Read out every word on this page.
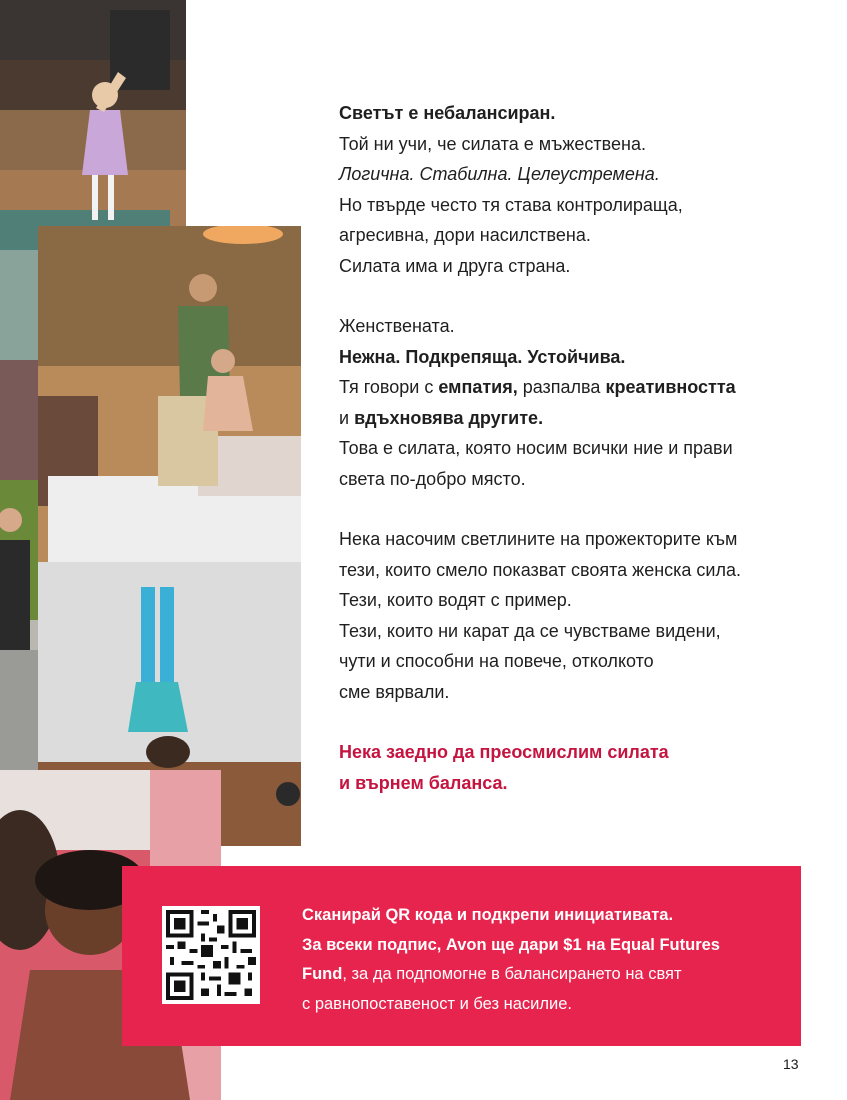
Светът е небалансиран.

Той ни учи, че силата е мъжествена.

Логична. Стабилна. Целеустремена.

Но твърде често тя става контролираща,

агресивна, дори насилствена.

Силата има и друга страна.

Женствената.

Нежна. Подкрепяща. Устойчива.

Тя говори с емпатия, разпалва креативността

и вдъхновява другите.

Това е силата, която носим всички ние и прави

света по-добро място.

Нека насочим светлините на прожекторите към

тези, които смело показват своята женска сила.

Тези, които водят с пример.

Тези, които ни карат да се чувстваме видени,

чути и способни на повече, отколкото

сме вярвали.

Нека заедно да преосмислим силата

и върнем баланса.

Сканирай QR кода и подкрепи инициативата.

За всеки подпис, Avon ще дари $1 на Equal Futures

Fund, за да подпомогне в балансирането на свят

с равнопоставеност и без насилие.

13
